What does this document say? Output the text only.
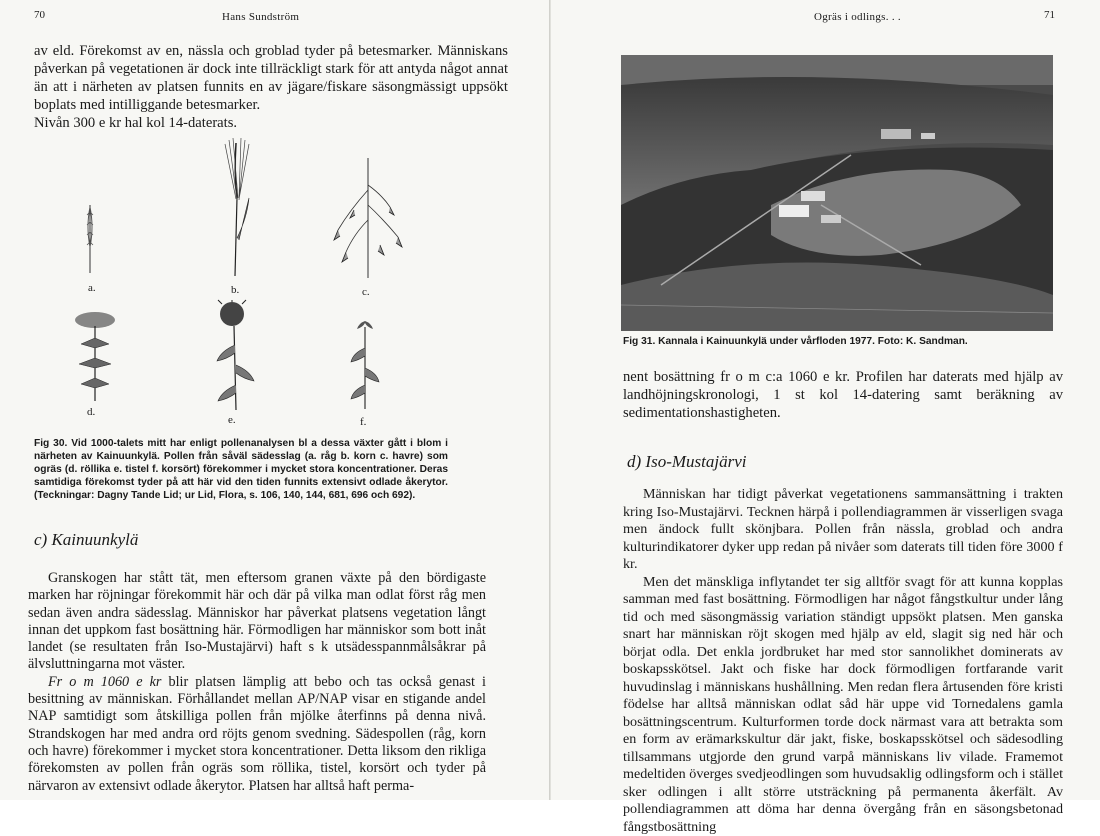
70	Hans Sundström

av eld. Förekomst av en, nässla och groblad tyder på betesmarker. Människans påverkan på vegetationen är dock inte tillräckligt stark för att antyda något annat än att i närheten av platsen funnits en av jägare/fiskare säsongmässigt uppsökt boplats med intilliggande betesmarker.

Nivån 300 e kr hal kol 14-daterats.

a.	b.	c.
d.
e.	f.
Fig 30. Vid 1000-talets mitt har enligt pollenanalysen bl a dessa växter gått i blom i närheten av Kainuunkylä. Pollen från såväl sädesslag (a. råg b. korn c. havre) som ogräs (d. röllika e. tistel f. korsört) förekommer i mycket stora koncentrationer. Deras samtidiga förekomst tyder på att här vid den tiden funnits extensivt odlade åkerytor. (Teckningar: Dagny Tande Lid; ur Lid, Flora, s. 106, 140, 144, 681, 696 och 692).
c) Kainuunkylä

Granskogen har stått tät, men eftersom granen växte på den bördigaste marken har röjningar förekommit här och där på vilka man odlat först råg men sedan även andra sädesslag. Människor har påverkat platsens vegetation långt innan det uppkom fast bosättning här. Förmodligen har människor som bott inåt landet (se resultaten från Iso-Mustajärvi) haft s k utsädesspannmålsåkrar på älvsluttningarna mot väster.

Fr o m 1060 e kr blir platsen lämplig att bebo och tas också genast i besittning av människan. Förhållandet mellan AP/NAP visar en stigande andel NAP samtidigt som åtskilliga pollen från mjölke återfinns på denna nivå. Strandskogen har med andra ord röjts genom svedning. Sädespollen (råg, korn och havre) förekommer i mycket stora koncentrationer. Detta liksom den rikliga förekomsten av pollen från ogräs som röllika, tistel, korsört och tyder på närvaron av extensivt odlade åkerytor. Platsen har alltså haft perma-

Ogräs i odlings. . .	71
Fig 31. Kannala i Kainuunkylä under vårfloden 1977. Foto: K. Sandman.
nent bosättning fr o m c:a 1060 e kr. Profilen har daterats med hjälp av landhöjningskronologi, 1 st kol 14-datering samt beräkning av sedimentationshastigheten.
d) Iso-Mustajärvi

Människan har tidigt påverkat vegetationens sammansättning i trakten kring Iso-Mustajärvi. Tecknen härpå i pollendiagrammen är visserligen svaga men ändock fullt skönjbara. Pollen från nässla, groblad och andra kulturindikatorer dyker upp redan på nivåer som daterats till tiden före 3000 f kr.

Men det mänskliga inflytandet ter sig alltför svagt för att kunna kopplas samman med fast bosättning. Förmodligen har något fångstkultur under lång tid och med säsongmässig variation ständigt uppsökt platsen. Men ganska snart har människan röjt skogen med hjälp av eld, slagit sig ned här och börjat odla. Det enkla jordbruket har med stor sannolikhet dominerats av boskapsskötsel. Jakt och fiske har dock förmodligen fortfarande varit huvudinslag i människans hushållning. Men redan flera årtusenden före kristi födelse har alltså människan odlat såd här uppe vid Tornedalens gamla bosättningscentrum. Kulturformen torde dock närmast vara att betrakta som en form av erämarkskultur där jakt, fiske, boskapsskötsel och sädesodling tillsammans utgjorde den grund varpå människans liv vilade. Framemot medeltiden överges svedjeodlingen som huvudsaklig odlingsform och i stället sker odlingen i allt större utsträckning på permanenta åkerfält. Av pollendiagrammen att döma har denna övergång från en säsongsbetonad fångstbosättning
